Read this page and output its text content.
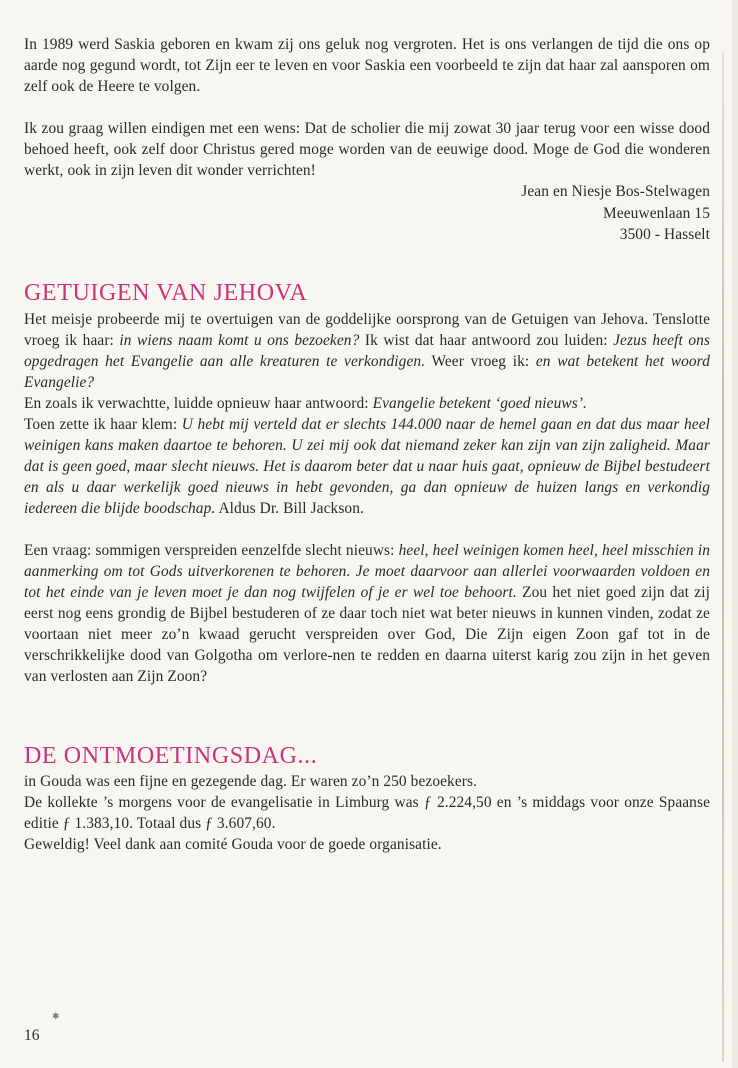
In 1989 werd Saskia geboren en kwam zij ons geluk nog vergroten. Het is ons verlangen de tijd die ons op aarde nog gegund wordt, tot Zijn eer te leven en voor Saskia een voorbeeld te zijn dat haar zal aansporen om zelf ook de Heere te volgen.

Ik zou graag willen eindigen met een wens: Dat de scholier die mij zowat 30 jaar terug voor een wisse dood behoed heeft, ook zelf door Christus gered moge worden van de eeuwige dood. Moge de God die wonderen werkt, ook in zijn leven dit wonder verrichten!

Jean en Niesje Bos-Stelwagen
Meeuwenlaan 15
3500 - Hasselt
GETUIGEN VAN JEHOVA

Het meisje probeerde mij te overtuigen van de goddelijke oorsprong van de Getuigen van Jehova. Tenslotte vroeg ik haar: in wiens naam komt u ons bezoeken? Ik wist dat haar antwoord zou luiden: Jezus heeft ons opgedragen het Evangelie aan alle kreaturen te verkondigen. Weer vroeg ik: en wat betekent het woord Evangelie?

En zoals ik verwachtte, luidde opnieuw haar antwoord: Evangelie betekent ‘goed nieuws’.

Toen zette ik haar klem: U hebt mij verteld dat er slechts 144.000 naar de hemel gaan en dat dus maar heel weinigen kans maken daartoe te behoren. U zei mij ook dat niemand zeker kan zijn van zijn zaligheid. Maar dat is geen goed, maar slecht nieuws. Het is daarom beter dat u naar huis gaat, opnieuw de Bijbel bestudeert en als u daar werkelijk goed nieuws in hebt gevonden, ga dan opnieuw de huizen langs en verkondig iedereen die blijde boodschap. Aldus Dr. Bill Jackson.

Een vraag: sommigen verspreiden eenzelfde slecht nieuws: heel, heel weinigen komen heel, heel misschien in aanmerking om tot Gods uitverkorenen te behoren. Je moet daarvoor aan allerlei voorwaarden voldoen en tot het einde van je leven moet je dan nog twijfelen of je er wel toe behoort. Zou het niet goed zijn dat zij eerst nog eens grondig de Bijbel bestuderen of ze daar toch niet wat beter nieuws in kunnen vinden, zodat ze voortaan niet meer zo’n kwaad gerucht verspreiden over God, Die Zijn eigen Zoon gaf tot in de verschrikkelijke dood van Golgotha om verlore-nen te redden en daarna uiterst karig zou zijn in het geven van verlosten aan Zijn Zoon?

DE ONTMOETINGSDAG...

in Gouda was een fijne en gezegende dag. Er waren zo’n 250 bezoekers.

De kollekte ’s morgens voor de evangelisatie in Limburg was ƒ 2.224,50 en ’s middags voor onze Spaanse editie ƒ 1.383,10. Totaal dus ƒ 3.607,60.

Geweldig! Veel dank aan comité Gouda voor de goede organisatie.

✱
16
